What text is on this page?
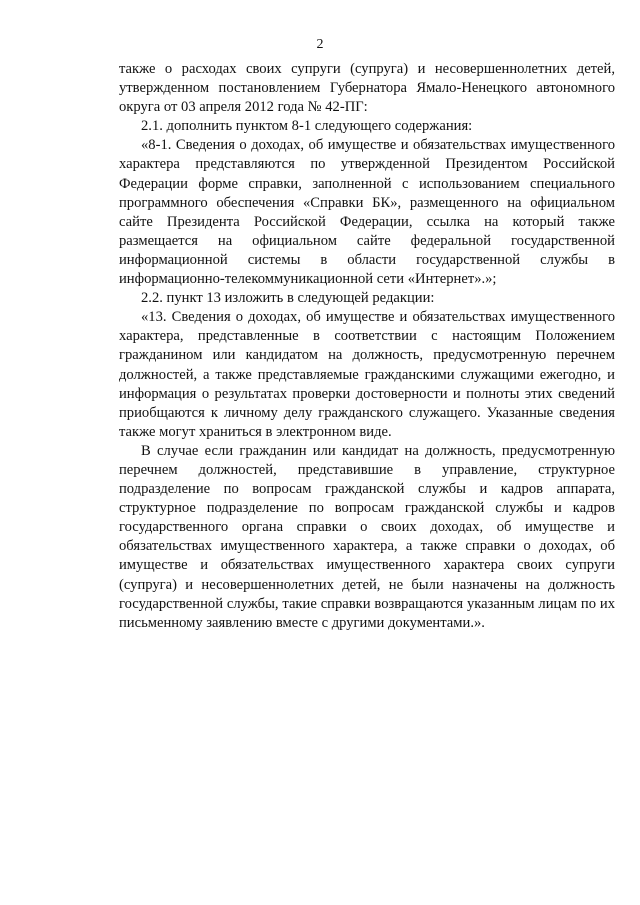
2

также о расходах своих супруги (супруга) и несовершеннолетних детей, утвержденном постановлением Губернатора Ямало-Ненецкого автономного округа от 03 апреля 2012 года № 42-ПГ:

2.1. дополнить пунктом 8-1 следующего содержания:

«8-1. Сведения о доходах, об имуществе и обязательствах имущественного характера представляются по утвержденной Президентом Российской Федерации форме справки, заполненной с использованием специального программного обеспечения «Справки БК», размещенного на официальном сайте Президента Российской Федерации, ссылка на который также размещается на официальном сайте федеральной государственной информационной системы в области государственной службы в информационно-телекоммуникационной сети «Интернет».»;

2.2. пункт 13 изложить в следующей редакции:

«13. Сведения о доходах, об имуществе и обязательствах имущественного характера, представленные в соответствии с настоящим Положением гражданином или кандидатом на должность, предусмотренную перечнем должностей, а также представляемые гражданскими служащими ежегодно, и информация о результатах проверки достоверности и полноты этих сведений приобщаются к личному делу гражданского служащего. Указанные сведения также могут храниться в электронном виде.

В случае если гражданин или кандидат на должность, предусмотренную перечнем должностей, представившие в управление, структурное подразделение по вопросам гражданской службы и кадров аппарата, структурное подразделение по вопросам гражданской службы и кадров государственного органа справки о своих доходах, об имуществе и обязательствах имущественного характера, а также справки о доходах, об имуществе и обязательствах имущественного характера своих супруги (супруга) и несовершеннолетних детей, не были назначены на должность государственной службы, такие справки возвращаются указанным лицам по их письменному заявлению вместе с другими документами.».
